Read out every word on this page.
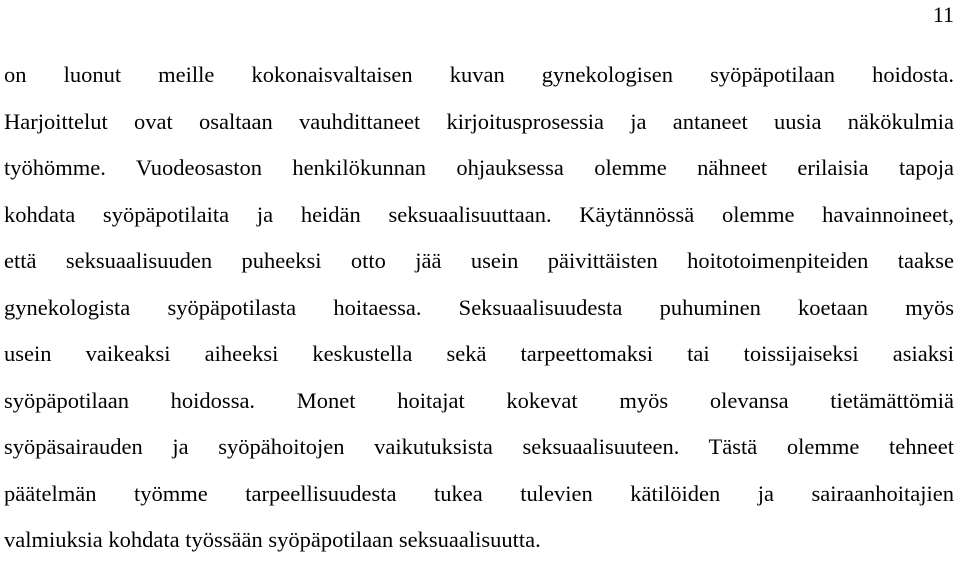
11
on luonut meille kokonaisvaltaisen kuvan gynekologisen syöpäpotilaan hoidosta.
Harjoittelut ovat osaltaan vauhdittaneet kirjoitusprosessia ja antaneet uusia näkökulmia
työhömme. Vuodeosaston henkilökunnan ohjauksessa olemme nähneet erilaisia tapoja
kohdata syöpäpotilaita ja heidän seksuaalisuuttaan. Käytännössä olemme havainnoineet,
että seksuaalisuuden puheeksi otto jää usein päivittäisten hoitotoimenpiteiden taakse
gynekologista syöpäpotilasta hoitaessa. Seksuaalisuudesta puhuminen koetaan myös
usein vaikeaksi aiheeksi keskustella sekä tarpeettomaksi tai toissijaiseksi asiaksi
syöpäpotilaan hoidossa. Monet hoitajat kokevat myös olevansa tietämättömiä
syöpäsairauden ja syöpähoitojen vaikutuksista seksuaalisuuteen. Tästä olemme tehneet
päätelmän työmme tarpeellisuudesta tukea tulevien kätilöiden ja sairaanhoitajien
valmiuksia kohdata työssään syöpäpotilaan seksuaalisuutta.
